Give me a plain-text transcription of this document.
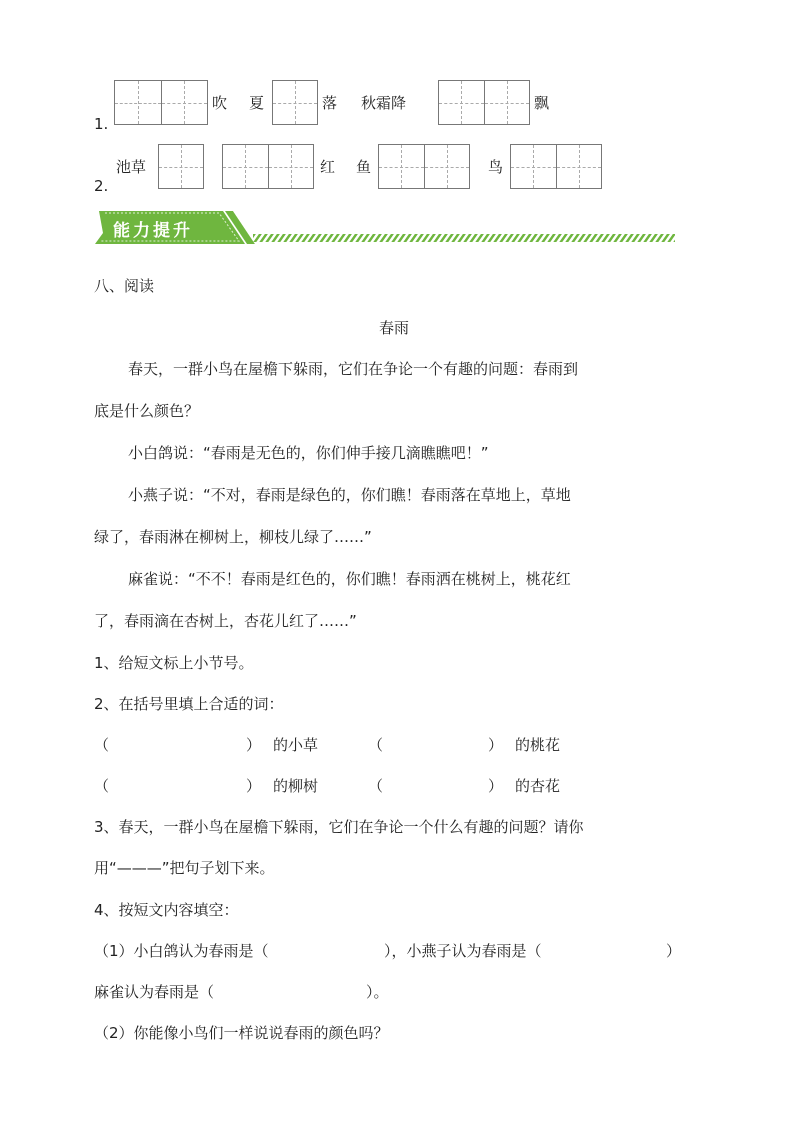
吹 夏	落 秋霜降	飘
1.
池草	红 鱼	鸟
2.
能力提升
八、阅读
春雨
春天，一群小鸟在屋檐下躲雨，它们在争论一个有趣的问题：春雨到
底是什么颜色？
小白鸽说：“春雨是无色的，你们伸手接几滴瞧瞧吧！”
小燕子说：“不对，春雨是绿色的，你们瞧！春雨落在草地上，草地
绿了，春雨淋在柳树上，柳枝儿绿了……”
麻雀说：“不不！春雨是红色的，你们瞧！春雨洒在桃树上，桃花红
了，春雨滴在杏树上，杏花儿红了……”
1、给短文标上小节号。
2、在括号里填上合适的词：
（	） 的小草	（	） 的桃花
（	） 的柳树	（	） 的杏花
3、春天，一群小鸟在屋檐下躲雨，它们在争论一个什么有趣的问题？请你
用“———”把句子划下来。
4、按短文内容填空：
（1）小白鸽认为春雨是（	），小燕子认为春雨是（	）
麻雀认为春雨是（	）。
（2）你能像小鸟们一样说说春雨的颜色吗？
